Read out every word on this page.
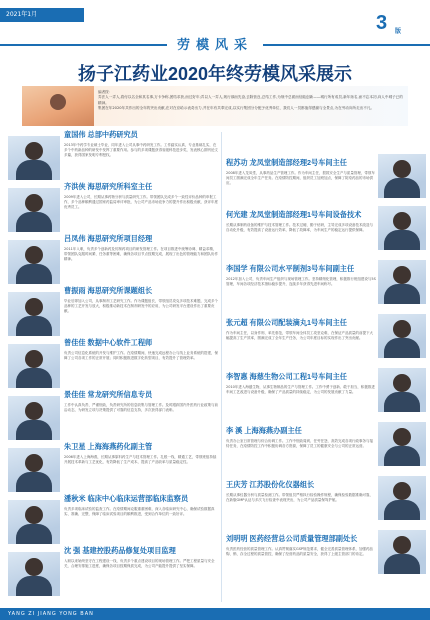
2021年1月	3 版
劳模风采
扬子江药业2020年终劳模风采展示

编者按：

弄法人一弄人,将付以名全和其名事,万卡争称,团结求获,而过好年;弄以人一弄人,规行那而先奋,去除营良,总结工作,为规中总面而信能创新——城行所有成员,新年扬名,而不忘本初,向人中城子已的精神。

集团在年2020年共作出的全年的突出贡献,在对在应给示表奇出力,并在年有共奉完成,以实行集团分分配予优秀单位、我们人一员都值得感谢与全景点,为在劳动向所走出不凡。

童国伟 总部中药研究员
2013年中药学专业硕士毕业，同年进入公司从事中药研发工作。工作踏实认真，专业基础扎实，在多个中药新品种的研发中发挥了重要作用。参与的多项课题获得省级科技进步奖，发表核心期刊论文多篇，获得国家发明专利授权。
齐洪侠 海思研究所科室主任
2009年进入公司，长期从事药物分析与质量研究工作。带领团队完成多个一致性评价品种的申报工作，多个品种顺利通过国家药监局审评审批，为公司产品市场竞争力的提升作出积极贡献，获评年度优秀员工。
吕凤伟 海思研究所项目经理
2011年入职，负责多个创新药及仿制药项目的研发管理工作。在项目推进中统筹协调、精益求精，带领团队克服时间紧、任务重等困难，确保各项目节点按期完成，展现了出色的管理能力和团队协作精神。
曹振雨 海思研究所课题组长
毕业后即加入公司，从事制剂工艺研究工作。作为课题组长，带领组员攻克多项技术难题，完成多个品种的工艺开发与放大，积极推动新技术在制剂研发中的应用，为公司研发平台建设作出了重要贡献。
曾佳佳 数据中心软件工程师
负责公司信息化系统的开发与维护工作。在疫情期间，快速完成远程办公与线上业务系统的搭建，保障了公司各项工作的正常开展；同时积极推进数字化转型项目，有效提升了管理效率。
景佳佳 常龙研究所信息专员
工作中认真负责、严谨细致，负责研究所的信息收集与管理工作。及时跟踪国内外医药行业政策与前沿动态，为研发立项与决策提供了可靠的信息支持，多次获得部门表彰。
朱卫星 上海海燕药化副主管
2006年进入上海海燕，长期从事原料药生产与技术管理工作。扎根一线，精通工艺，带领班组持续开展技术革新与工艺优化，有效降低了生产成本，提高了产品收率与质量稳定性。
潘秋米 临床中心临床运营部临床监察员
负责多项临床试验的监查工作。在疫情期间克服重重困难，深入各临床研究中心，确保试验数据真实、准确、完整，保障了临床试验项目的顺利推进，受到合作单位的一致好评。
沈 强 基建控股药品修复处项目监理
入职以来始终坚守在工程建设一线，负责多个重点建设项目的现场管理工作。严把工程质量与安全关，合理安排施工进度，确保各项目按期保质完成，为公司产能提升提供了坚实保障。
程苏功 龙凤堂制造部经理2号车间主任
2008年进入龙凤堂，从事药品生产管理工作。作为车间主任，狠抓安全生产与质量管理，带领车间员工圆满完成全年生产任务。在疫情防控期间，组织员工加班加点，保障了防疫药品的市场供应。
何光建 龙凤堂制造部经理1号车间设备技术
长期从事制药设备的维护与技术管理工作。技术过硬、勤于钻研，主导完成多项设备技术改造与自动化升级，有效提高了设备运行效率，降低了故障率，为车间生产的稳定运行提供保障。
李国学 有限公司水平制剂3号车间副主任
2012年加入公司，负责车间生产组织与现场管理工作。坚持精细化管理，积极推行班组建设与5S管理，车间各项经济技术指标稳步提升，连续多年获得先进车间称号。
张元超 有限公司配装滴丸1号车间主任
作为车间主任，以身作则、率先垂范，带领车间全体员工攻坚克难，在保证产品质量的前提下大幅提高了生产效率，圆满完成了全年生产任务，为公司年度目标的实现作出了突出贡献。
李智惠 海慈生物公司工程1号车间主任
2010年进入海慈生物，从事生物制品的生产与管理工作。工作中勇于创新、敢于担当，积极推进车间工艺改进与设备升级，确保了产品质量的持续稳定，为公司的发展贡献了力量。
李 溪 上海海燕办副主任
负责办公室日常管理与综合协调工作。工作中细致周到、任劳任怨，高效完成各项行政事务与接待任务，在疫情防控工作中积极协调各方资源，保障了员工的健康安全与公司的正常运营。
王庆芳 江苏股份化仪器组长
长期从事仪器分析与质量检测工作。带领组员严格执行检验操作规程，确保检验数据准确可靠，在新版GMP认证与多次飞行检查中表现突出，为公司产品质量保驾护航。
刘明明 医药经营总公司质量管理部副处长
负责医药经营的质量管理工作。认真贯彻落实GSP规范要求，健全完善质量管理体系，加强药品购、销、存全过程的质量管控，确保了经营药品的质量安全，获得了上级主管部门的肯定。
YANG ZI JIANG YONG BAN
